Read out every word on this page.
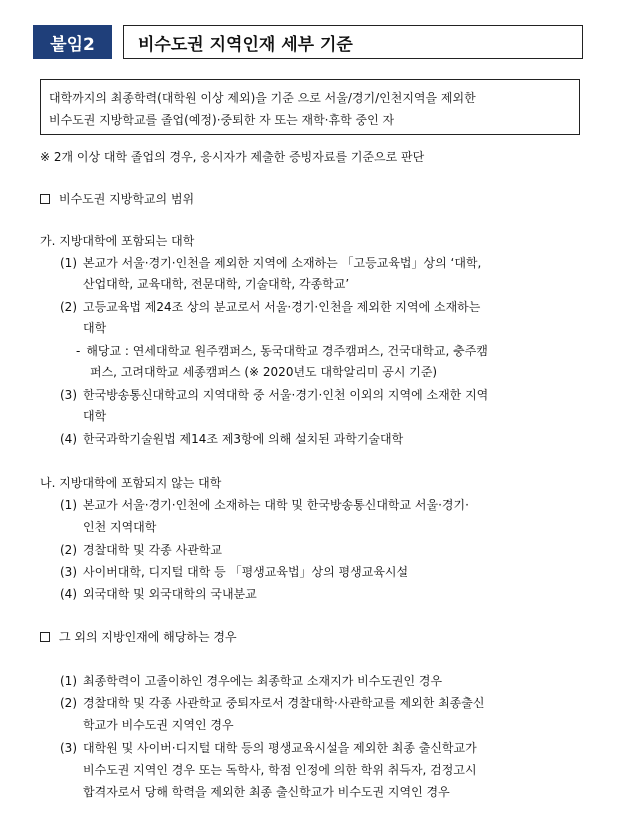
붙임2	비수도권 지역인재 세부 기준
대학까지의 최종학력(대학원 이상 제외)을 기준 으로 서울/경기/인천지역을 제외한
비수도권 지방학교를 졸업(예정)·중퇴한 자 또는 재학·휴학 중인 자
※ 2개 이상 대학 졸업의 경우, 응시자가 제출한 증빙자료를 기준으로 판단
비수도권 지방학교의 범위
가. 지방대학에 포함되는 대학
(1) 본교가 서울·경기·인천을 제외한 지역에 소재하는 「고등교육법」상의 ‘대학,
산업대학, 교육대학, 전문대학, 기술대학, 각종학교’
(2) 고등교육법 제24조 상의 분교로서 서울·경기·인천을 제외한 지역에 소재하는
대학
- 해당교 : 연세대학교 원주캠퍼스, 동국대학교 경주캠퍼스, 건국대학교, 충주캠
퍼스, 고려대학교 세종캠퍼스 (※ 2020년도 대학알리미 공시 기준)
(3) 한국방송통신대학교의 지역대학 중 서울·경기·인천 이외의 지역에 소재한 지역
대학
(4) 한국과학기술원법 제14조 제3항에 의해 설치된 과학기술대학
나. 지방대학에 포함되지 않는 대학
(1) 본교가 서울·경기·인천에 소재하는 대학 및 한국방송통신대학교 서울·경기·
인천 지역대학
(2) 경찰대학 및 각종 사관학교
(3) 사이버대학, 디지털 대학 등 「평생교육법」상의 평생교육시설
(4) 외국대학 및 외국대학의 국내분교
그 외의 지방인재에 해당하는 경우
(1) 최종학력이 고졸이하인 경우에는 최종학교 소재지가 비수도권인 경우
(2) 경찰대학 및 각종 사관학교 중퇴자로서 경찰대학·사관학교를 제외한 최종출신
학교가 비수도권 지역인 경우
(3) 대학원 및 사이버·디지털 대학 등의 평생교육시설을 제외한 최종 출신학교가
비수도권 지역인 경우 또는 독학사, 학점 인정에 의한 학위 취득자, 검정고시
합격자로서 당해 학력을 제외한 최종 출신학교가 비수도권 지역인 경우
